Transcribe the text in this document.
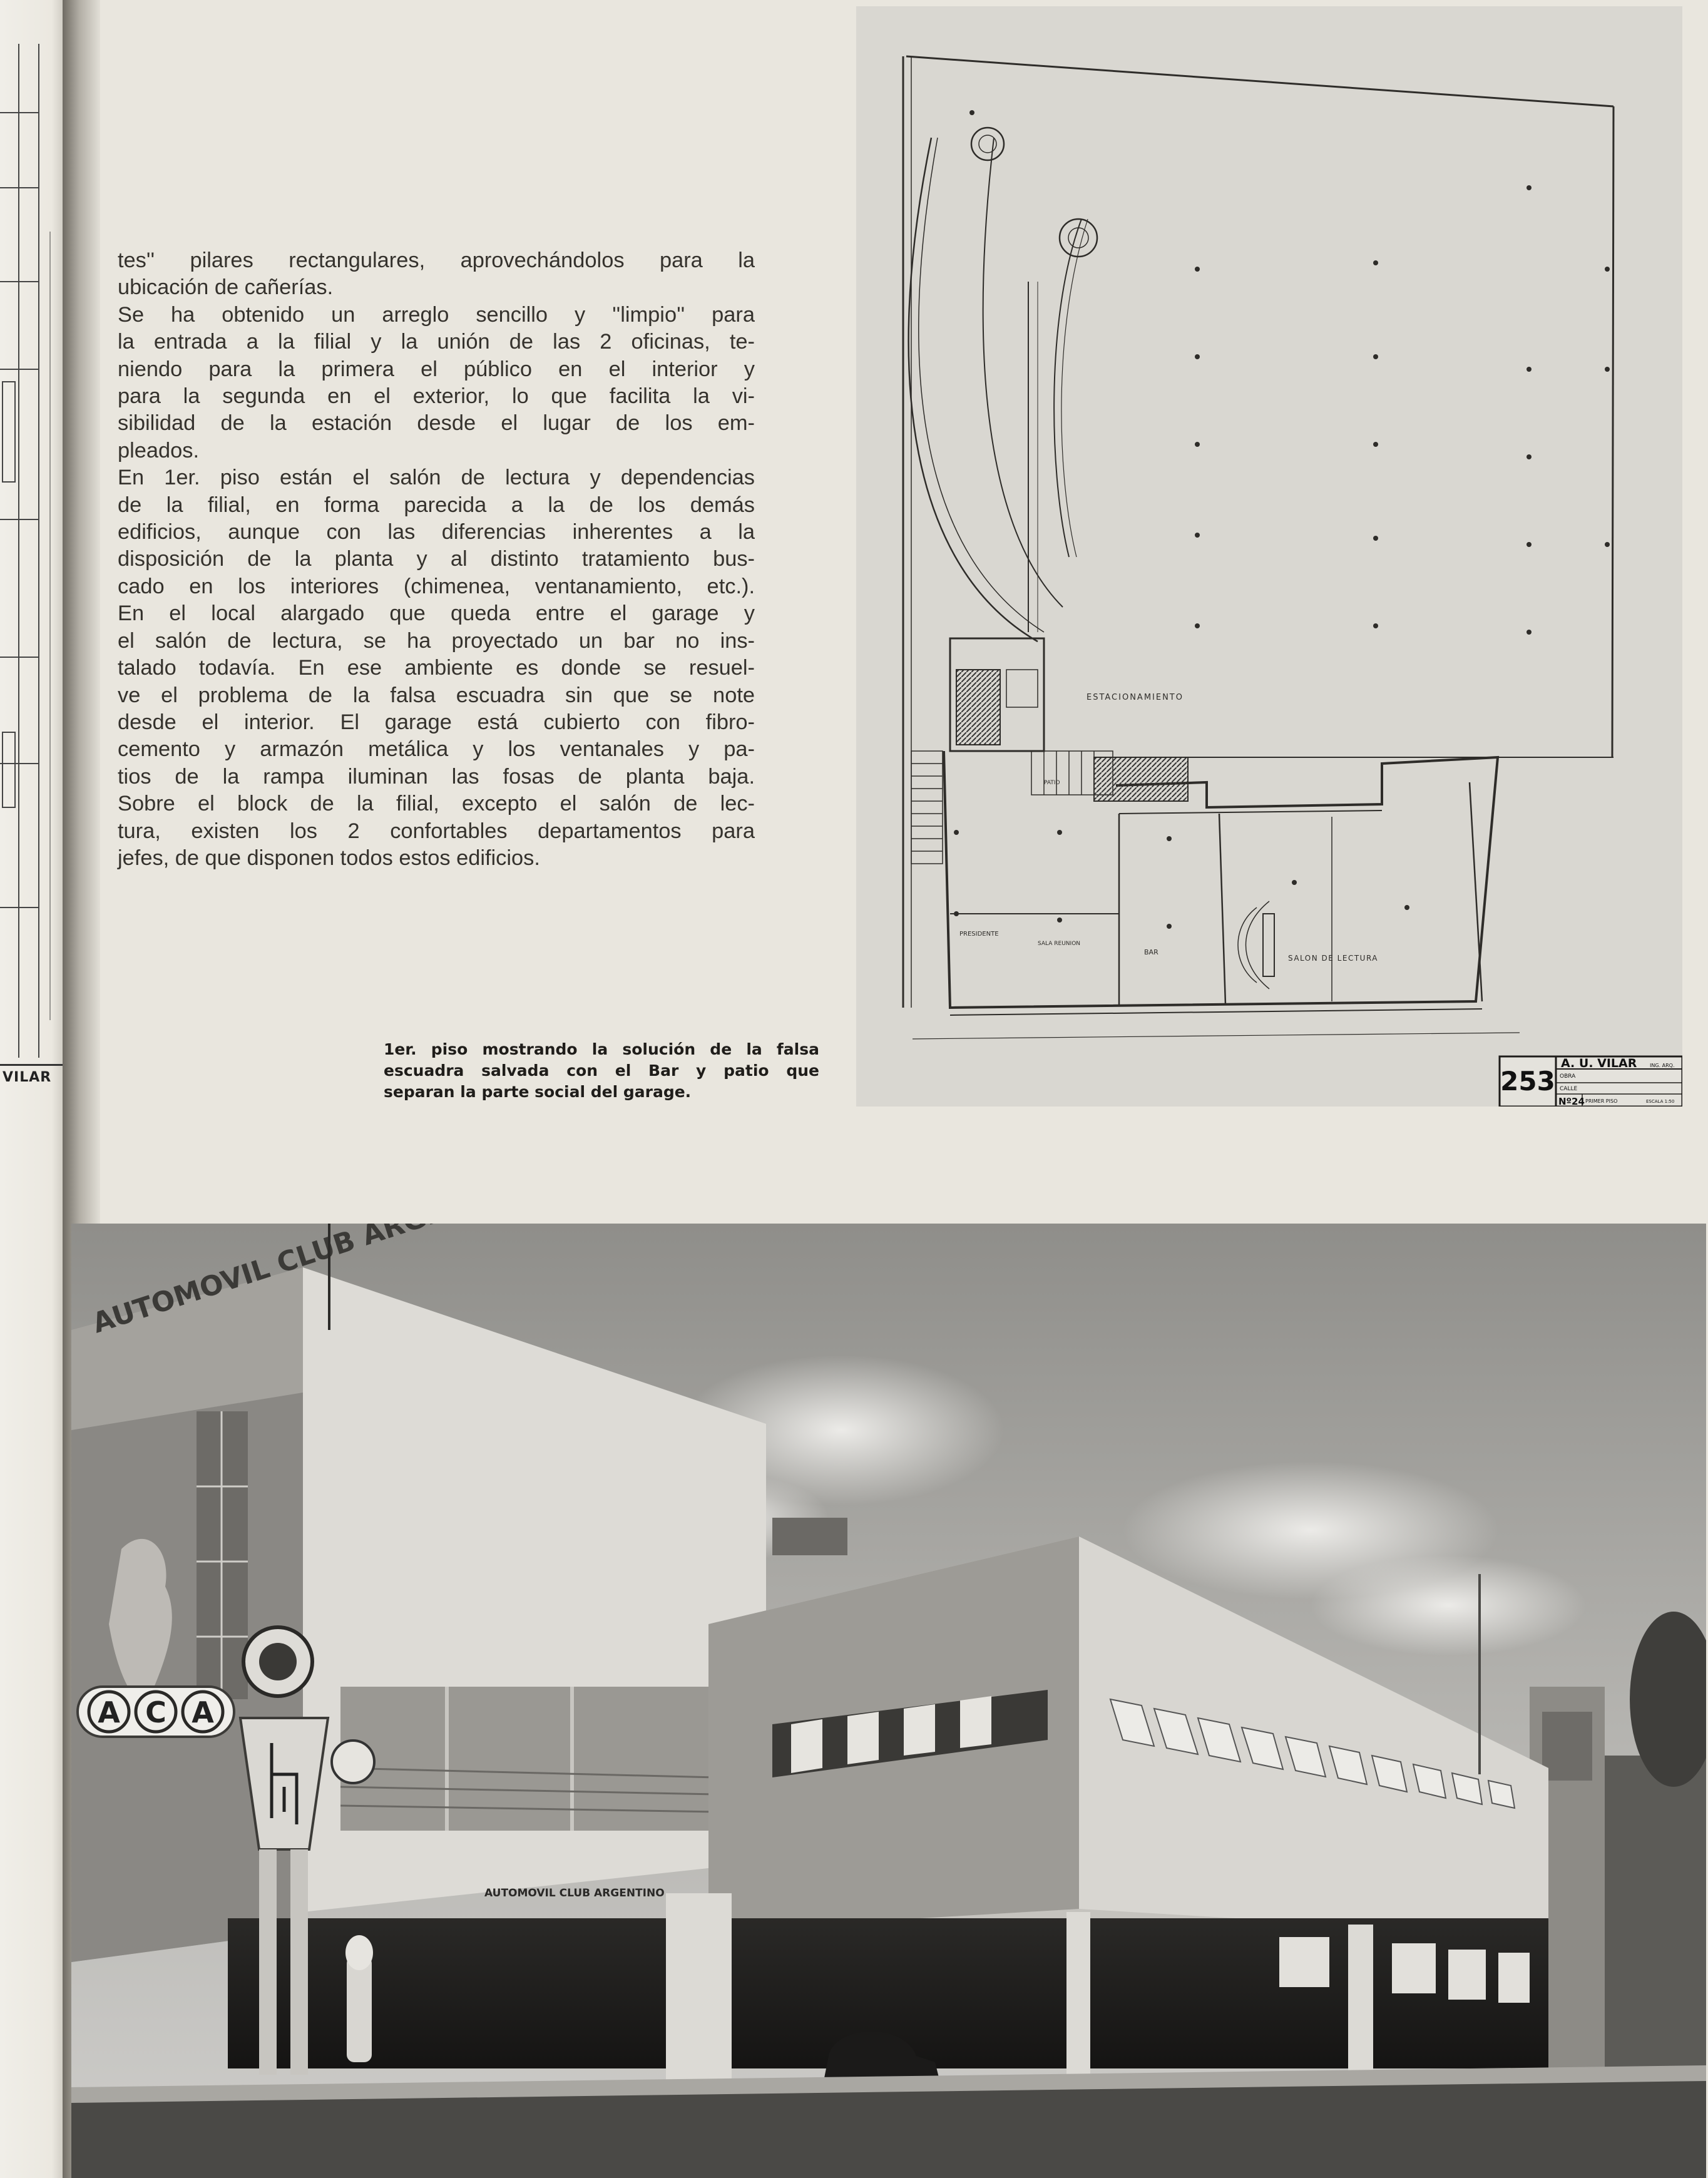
VILAR
tes'' pilares rectangulares, aprovechándolos para la
ubicación de cañerías.
Se ha obtenido un arreglo sencillo y ''limpio'' para
la entrada a la filial y la unión de las 2 oficinas, te-
niendo para la primera el público en el interior y
para la segunda en el exterior, lo que facilita la vi-
sibilidad de la estación desde el lugar de los em-
pleados.
En 1er. piso están el salón de lectura y dependencias
de la filial, en forma parecida a la de los demás
edificios, aunque con las diferencias inherentes a la
disposición de la planta y al distinto tratamiento bus-
cado en los interiores (chimenea, ventanamiento, etc.).
En el local alargado que queda entre el garage y
el salón de lectura, se ha proyectado un bar no ins-
talado todavía. En ese ambiente es donde se resuel-
ve el problema de la falsa escuadra sin que se note
desde el interior. El garage está cubierto con fibro-
cemento y armazón metálica y los ventanales y pa-
tios de la rampa iluminan las fosas de planta baja.
Sobre el block de la filial, excepto el salón de lec-
tura, existen los 2 confortables departamentos para
jefes, de que disponen todos estos edificios.
ESTACIONAMIENTO
SALON DE LECTURA
BAR
PRESIDENTE
SALA REUNION
PATIO
253
A. U. VILAR	ING. ARQ.
OBRA
CALLE
Nº24 PRIMER PISO	ESCALA 1:50
1er. piso mostrando la solución de la falsa
escuadra salvada con el Bar y patio que
separan la parte social del garage.
AUTOMOVIL CLUB
AUTOMOVIL CLUB ARGENTINO
A C A
